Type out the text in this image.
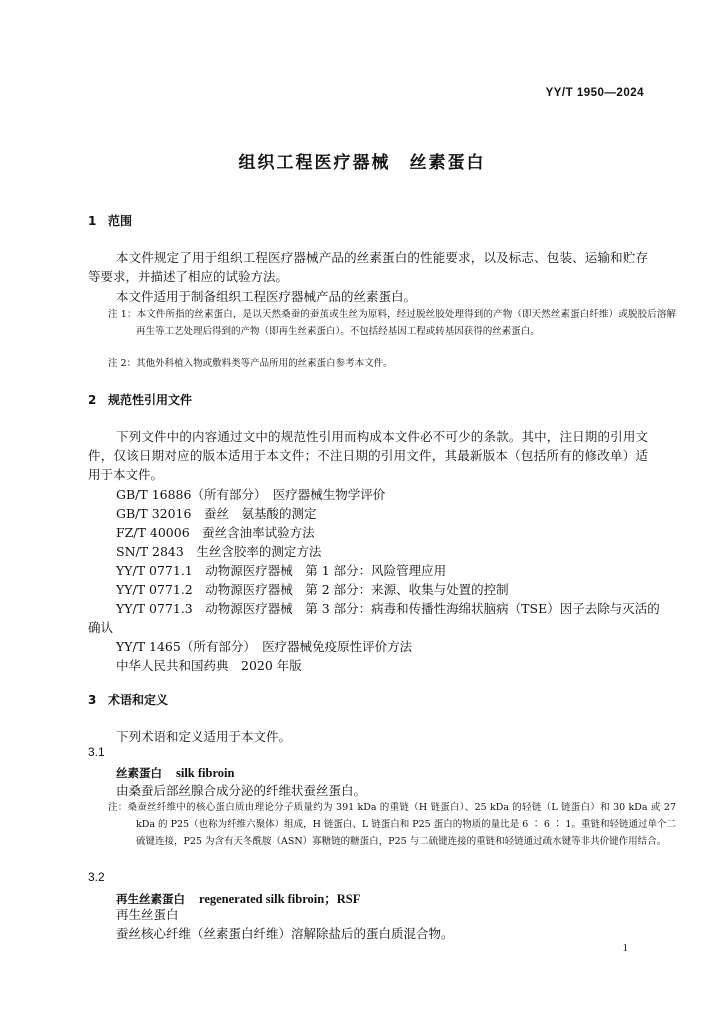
YY/T 1950—2024
组织工程医疗器械　丝素蛋白
1 范围
本文件规定了用于组织工程医疗器械产品的丝素蛋白的性能要求，以及标志、包装、运输和贮存等要求，并描述了相应的试验方法。
本文件适用于制备组织工程医疗器械产品的丝素蛋白。
注 1：本文件所指的丝素蛋白，是以天然桑蚕的蚕茧或生丝为原料，经过脱丝胶处理得到的产物（即天然丝素蛋白纤维）或脱胶后溶解再生等工艺处理后得到的产物（即再生丝素蛋白）。不包括经基因工程或转基因获得的丝素蛋白。
注 2：其他外科植入物或敷料类等产品所用的丝素蛋白参考本文件。
2 规范性引用文件
下列文件中的内容通过文中的规范性引用而构成本文件必不可少的条款。其中，注日期的引用文件，仅该日期对应的版本适用于本文件；不注日期的引用文件，其最新版本（包括所有的修改单）适用于本文件。
GB/T 16886（所有部分）　医疗器械生物学评价
GB/T 32016　蚕丝　氨基酸的测定
FZ/T 40006　蚕丝含油率试验方法
SN/T 2843　生丝含胶率的测定方法
YY/T 0771.1　动物源医疗器械　第 1 部分：风险管理应用
YY/T 0771.2　动物源医疗器械　第 2 部分：来源、收集与处置的控制
YY/T 0771.3　动物源医疗器械　第 3 部分：病毒和传播性海绵状脑病（TSE）因子去除与灭活的
确认
YY/T 1465（所有部分）　医疗器械免疫原性评价方法
中华人民共和国药典　2020 年版
3 术语和定义
下列术语和定义适用于本文件。
3.1
丝素蛋白 silk fibroin
由桑蚕后部丝腺合成分泌的纤维状蚕丝蛋白。
注：桑蚕丝纤维中的核心蛋白质由理论分子质量约为 391 kDa 的重链（H 链蛋白）、25 kDa 的轻链（L 链蛋白）和 30 kDa 或 27 kDa 的 P25（也称为纤维六聚体）组成，H 链蛋白、L 链蛋白和 P25 蛋白的物质的量比是 6 ∶ 6 ∶ 1。重链和轻链通过单个二硫键连接，P25 为含有天冬酰胺（ASN）寡糖链的糖蛋白，P25 与二硫键连接的重链和轻链通过疏水键等非共价键作用结合。
3.2
再生丝素蛋白 regenerated silk fibroin；RSF
再生丝蛋白
蚕丝核心纤维（丝素蛋白纤维）溶解除盐后的蛋白质混合物。
1
